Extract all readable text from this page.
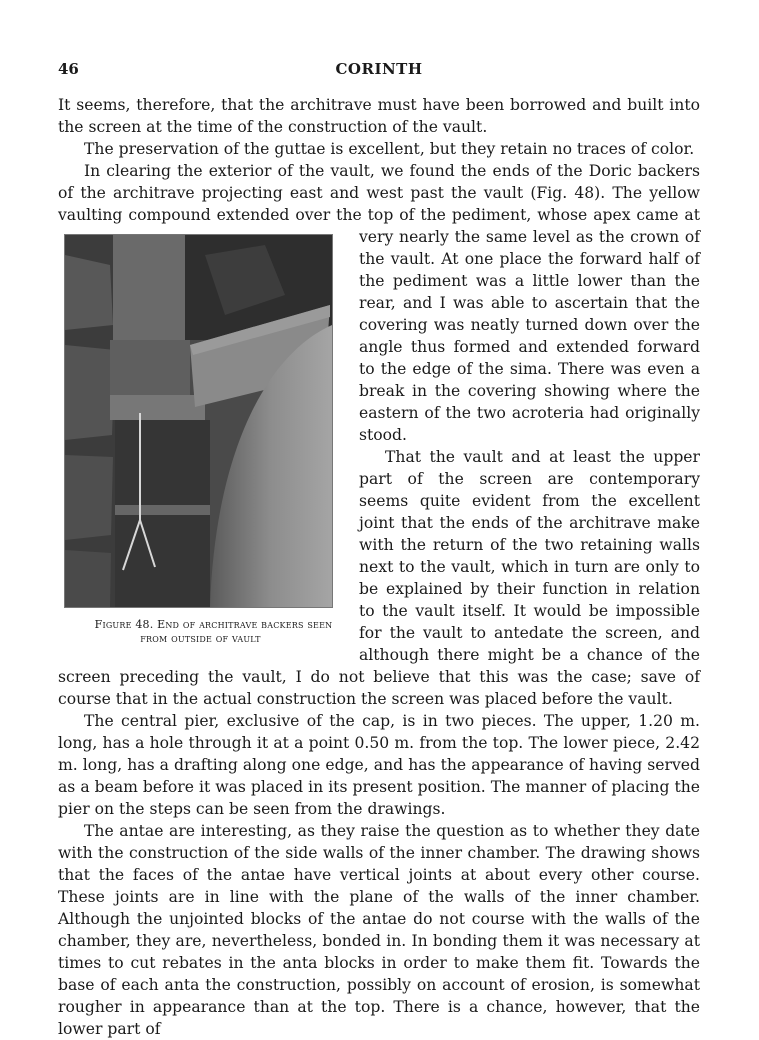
46	CORINTH

It seems, therefore, that the architrave must have been borrowed and built into the screen at the time of the construction of the vault.

The preservation of the guttae is excellent, but they retain no traces of color.

In clearing the exterior of the vault, we found the ends of the Doric backers of the architrave projecting east and west past the vault (Fig. 48). The yellow vaulting compound extended over the top of the pediment, whose apex came at very nearly the same level as
Figure 48. End of architrave backers seen from outside of vault
the crown of the vault. At one place the forward half of the pediment was a little lower than the rear, and I was able to ascertain that the covering was neatly turned down over the angle thus formed and extended forward to the edge of the sima. There was even a break in the covering showing where the eastern of the two acroteria had originally stood.

That the vault and at least the upper part of the screen are contemporary seems quite evident from the excellent joint that the ends of the architrave make with the return of the two retaining walls next to the vault, which in turn are only to be explained by their function in relation to the vault itself. It would be impossible for the vault to antedate the screen, and although there might be a chance of the screen preceding the vault, I do not believe that this was the case; save of course that in the actual construction the screen was placed before the vault.

The central pier, exclusive of the cap, is in two pieces. The upper, 1.20 m. long, has a hole through it at a point 0.50 m. from the top. The lower piece, 2.42 m. long, has a drafting along one edge, and has the appearance of having served as a beam before it was placed in its present position. The manner of placing the pier on the steps can be seen from the drawings.

The antae are interesting, as they raise the question as to whether they date with the construction of the side walls of the inner chamber. The drawing shows that the faces of the antae have vertical joints at about every other course. These joints are in line with the plane of the walls of the inner chamber. Although the unjointed blocks of the antae do not course with the walls of the chamber, they are, nevertheless, bonded in. In bonding them it was necessary at times to cut rebates in the anta blocks in order to make them fit. Towards the base of each anta the construction, possibly on account of erosion, is somewhat rougher in appearance than at the top. There is a chance, however, that the lower part of
